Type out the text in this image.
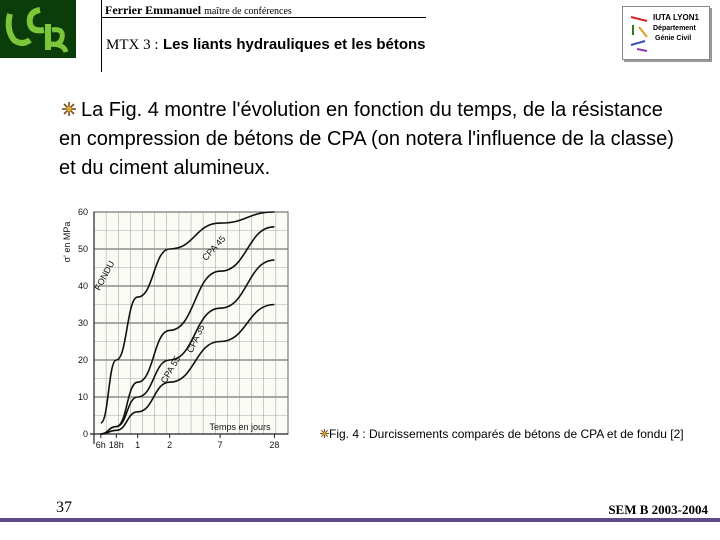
Ferrier Emmanuel maître de conférences
MTX 3 : Les liants hydrauliques et les bétons
IUTA LYON1
Département
Génie Civil
La Fig. 4 montre l'évolution en fonction du temps, de la résistance en compression de bétons de CPA (on notera l'influence de la classe) et du ciment alumineux.
60
50
40
30
20
10
0
6h 18h 1	2	7	28
Temps en jours
σ' en MPa
FONDU
CPA 45
CPA 55
CPA 35
Fig. 4 : Durcissements comparés de bétons de CPA et de fondu [2]
37	SEM B 2003-2004
